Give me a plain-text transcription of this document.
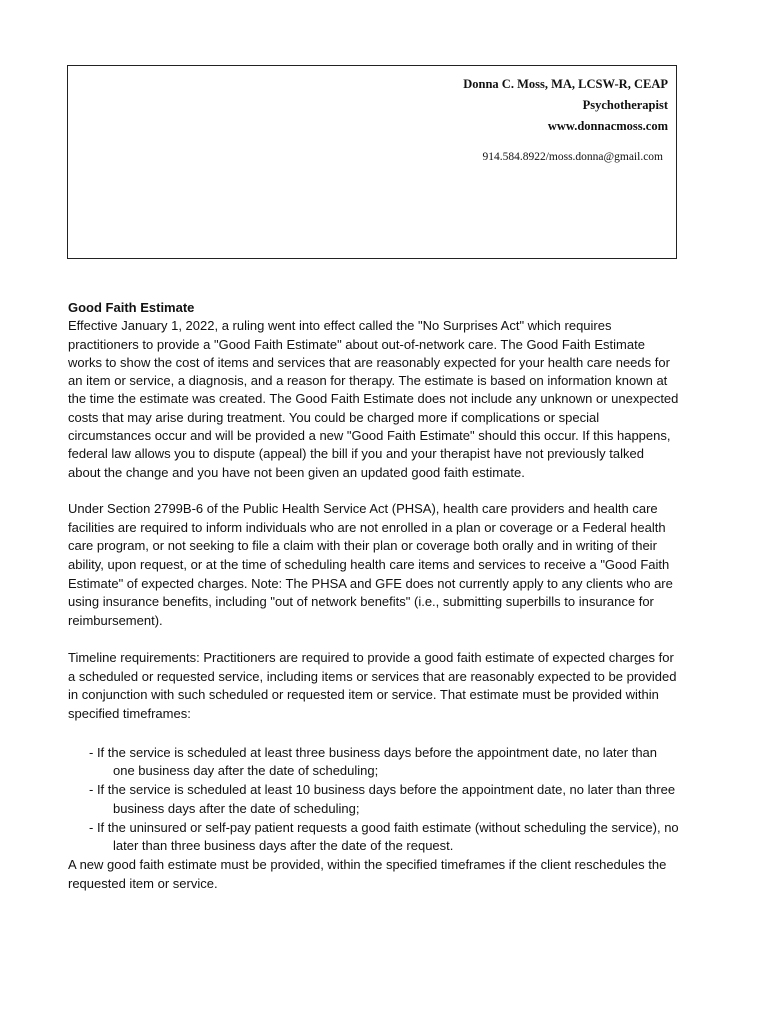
Donna C. Moss, MA, LCSW-R, CEAP
Psychotherapist
www.donnacmoss.com
914.584.8922/moss.donna@gmail.com

Good Faith Estimate

Effective January 1, 2022, a ruling went into effect called the "No Surprises Act" which requires practitioners to provide a "Good Faith Estimate" about out-of-network care. The Good Faith Estimate works to show the cost of items and services that are reasonably expected for your health care needs for an item or service, a diagnosis, and a reason for therapy. The estimate is based on information known at the time the estimate was created. The Good Faith Estimate does not include any unknown or unexpected costs that may arise during treatment. You could be charged more if complications or special circumstances occur and will be provided a new "Good Faith Estimate" should this occur. If this happens, federal law allows you to dispute (appeal) the bill if you and your therapist have not previously talked about the change and you have not been given an updated good faith estimate.

Under Section 2799B-6 of the Public Health Service Act (PHSA), health care providers and health care facilities are required to inform individuals who are not enrolled in a plan or coverage or a Federal health care program, or not seeking to file a claim with their plan or coverage both orally and in writing of their ability, upon request, or at the time of scheduling health care items and services to receive a "Good Faith Estimate" of expected charges. Note: The PHSA and GFE does not currently apply to any clients who are using insurance benefits, including "out of network benefits" (i.e., submitting superbills to insurance for reimbursement).

Timeline requirements: Practitioners are required to provide a good faith estimate of expected charges for a scheduled or requested service, including items or services that are reasonably expected to be provided in conjunction with such scheduled or requested item or service. That estimate must be provided within specified timeframes:

- If the service is scheduled at least three business days before the appointment date, no later than one business day after the date of scheduling;
- If the service is scheduled at least 10 business days before the appointment date, no later than three business days after the date of scheduling;
- If the uninsured or self-pay patient requests a good faith estimate (without scheduling the service), no later than three business days after the date of the request.

A new good faith estimate must be provided, within the specified timeframes if the client reschedules the requested item or service.
